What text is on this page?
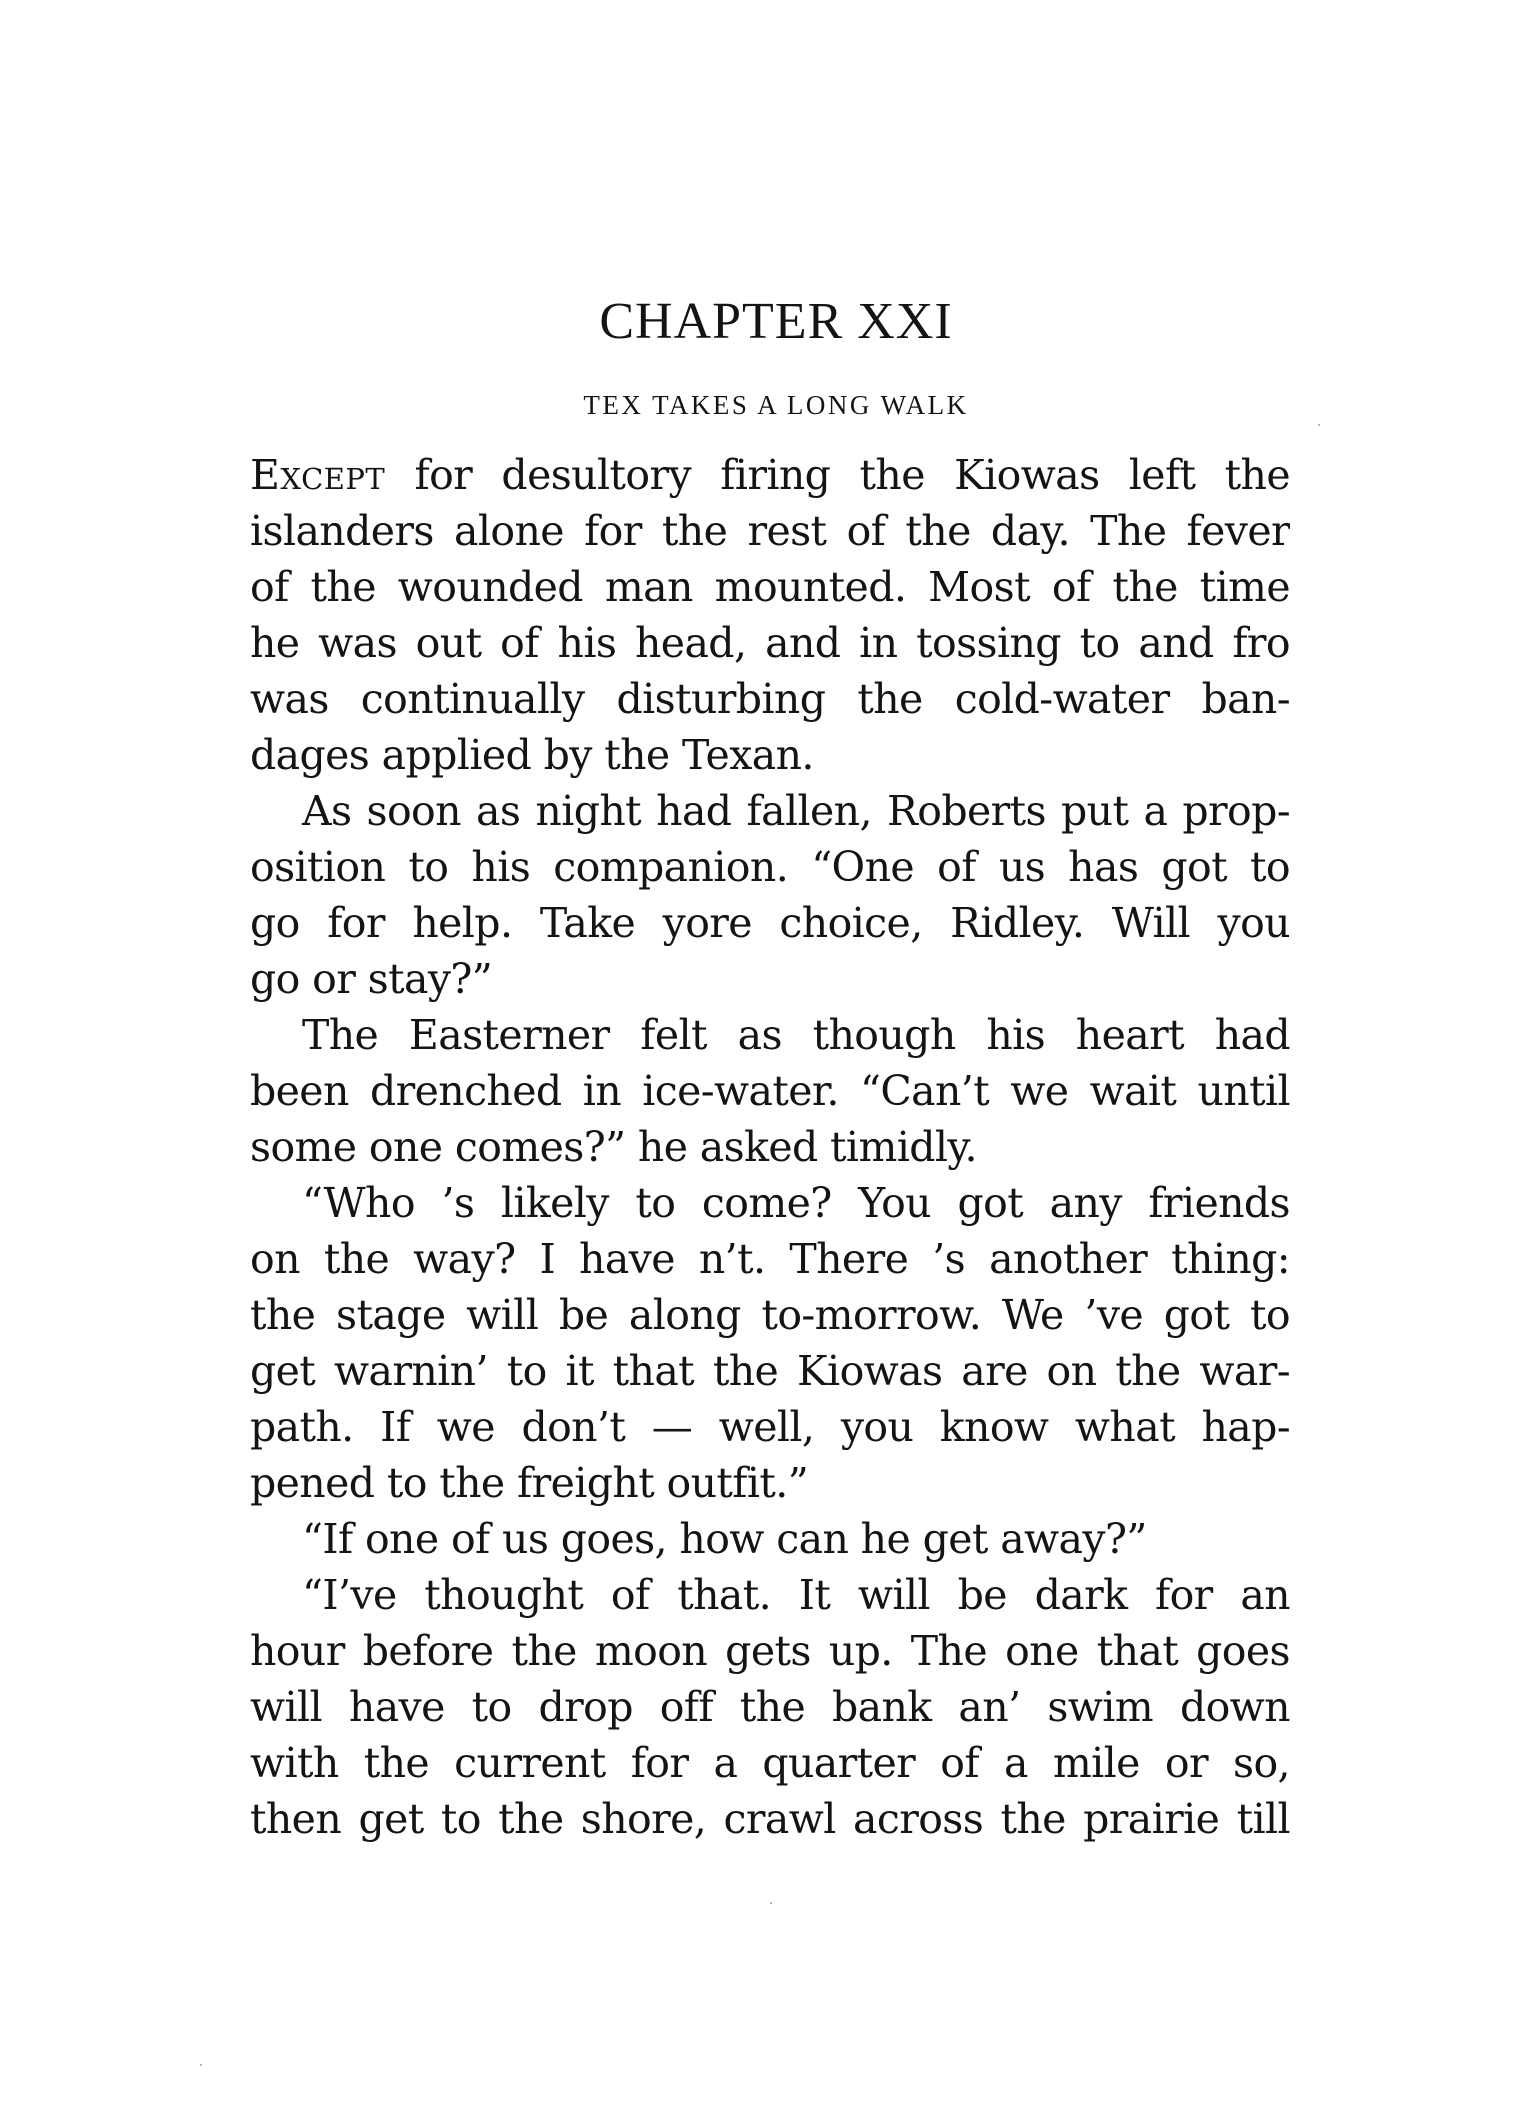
CHAPTER XXI
TEX TAKES A LONG WALK
Except for desultory firing the Kiowas left the
islanders alone for the rest of the day. The fever
of the wounded man mounted. Most of the time
he was out of his head, and in tossing to and fro
was continually disturbing the cold-water ban-
dages applied by the Texan.
As soon as night had fallen, Roberts put a prop-
osition to his companion. “One of us has got to
go for help. Take yore choice, Ridley. Will you
go or stay?”
The Easterner felt as though his heart had
been drenched in ice-water. “Can’t we wait until
some one comes?” he asked timidly.
“Who ’s likely to come? You got any friends
on the way? I have n’t. There ’s another thing:
the stage will be along to-morrow. We ’ve got to
get warnin’ to it that the Kiowas are on the war-
path. If we don’t — well, you know what hap-
pened to the freight outfit.”
“If one of us goes, how can he get away?”
“I’ve thought of that. It will be dark for an
hour before the moon gets up. The one that goes
will have to drop off the bank an’ swim down
with the current for a quarter of a mile or so,
then get to the shore, crawl across the prairie till
